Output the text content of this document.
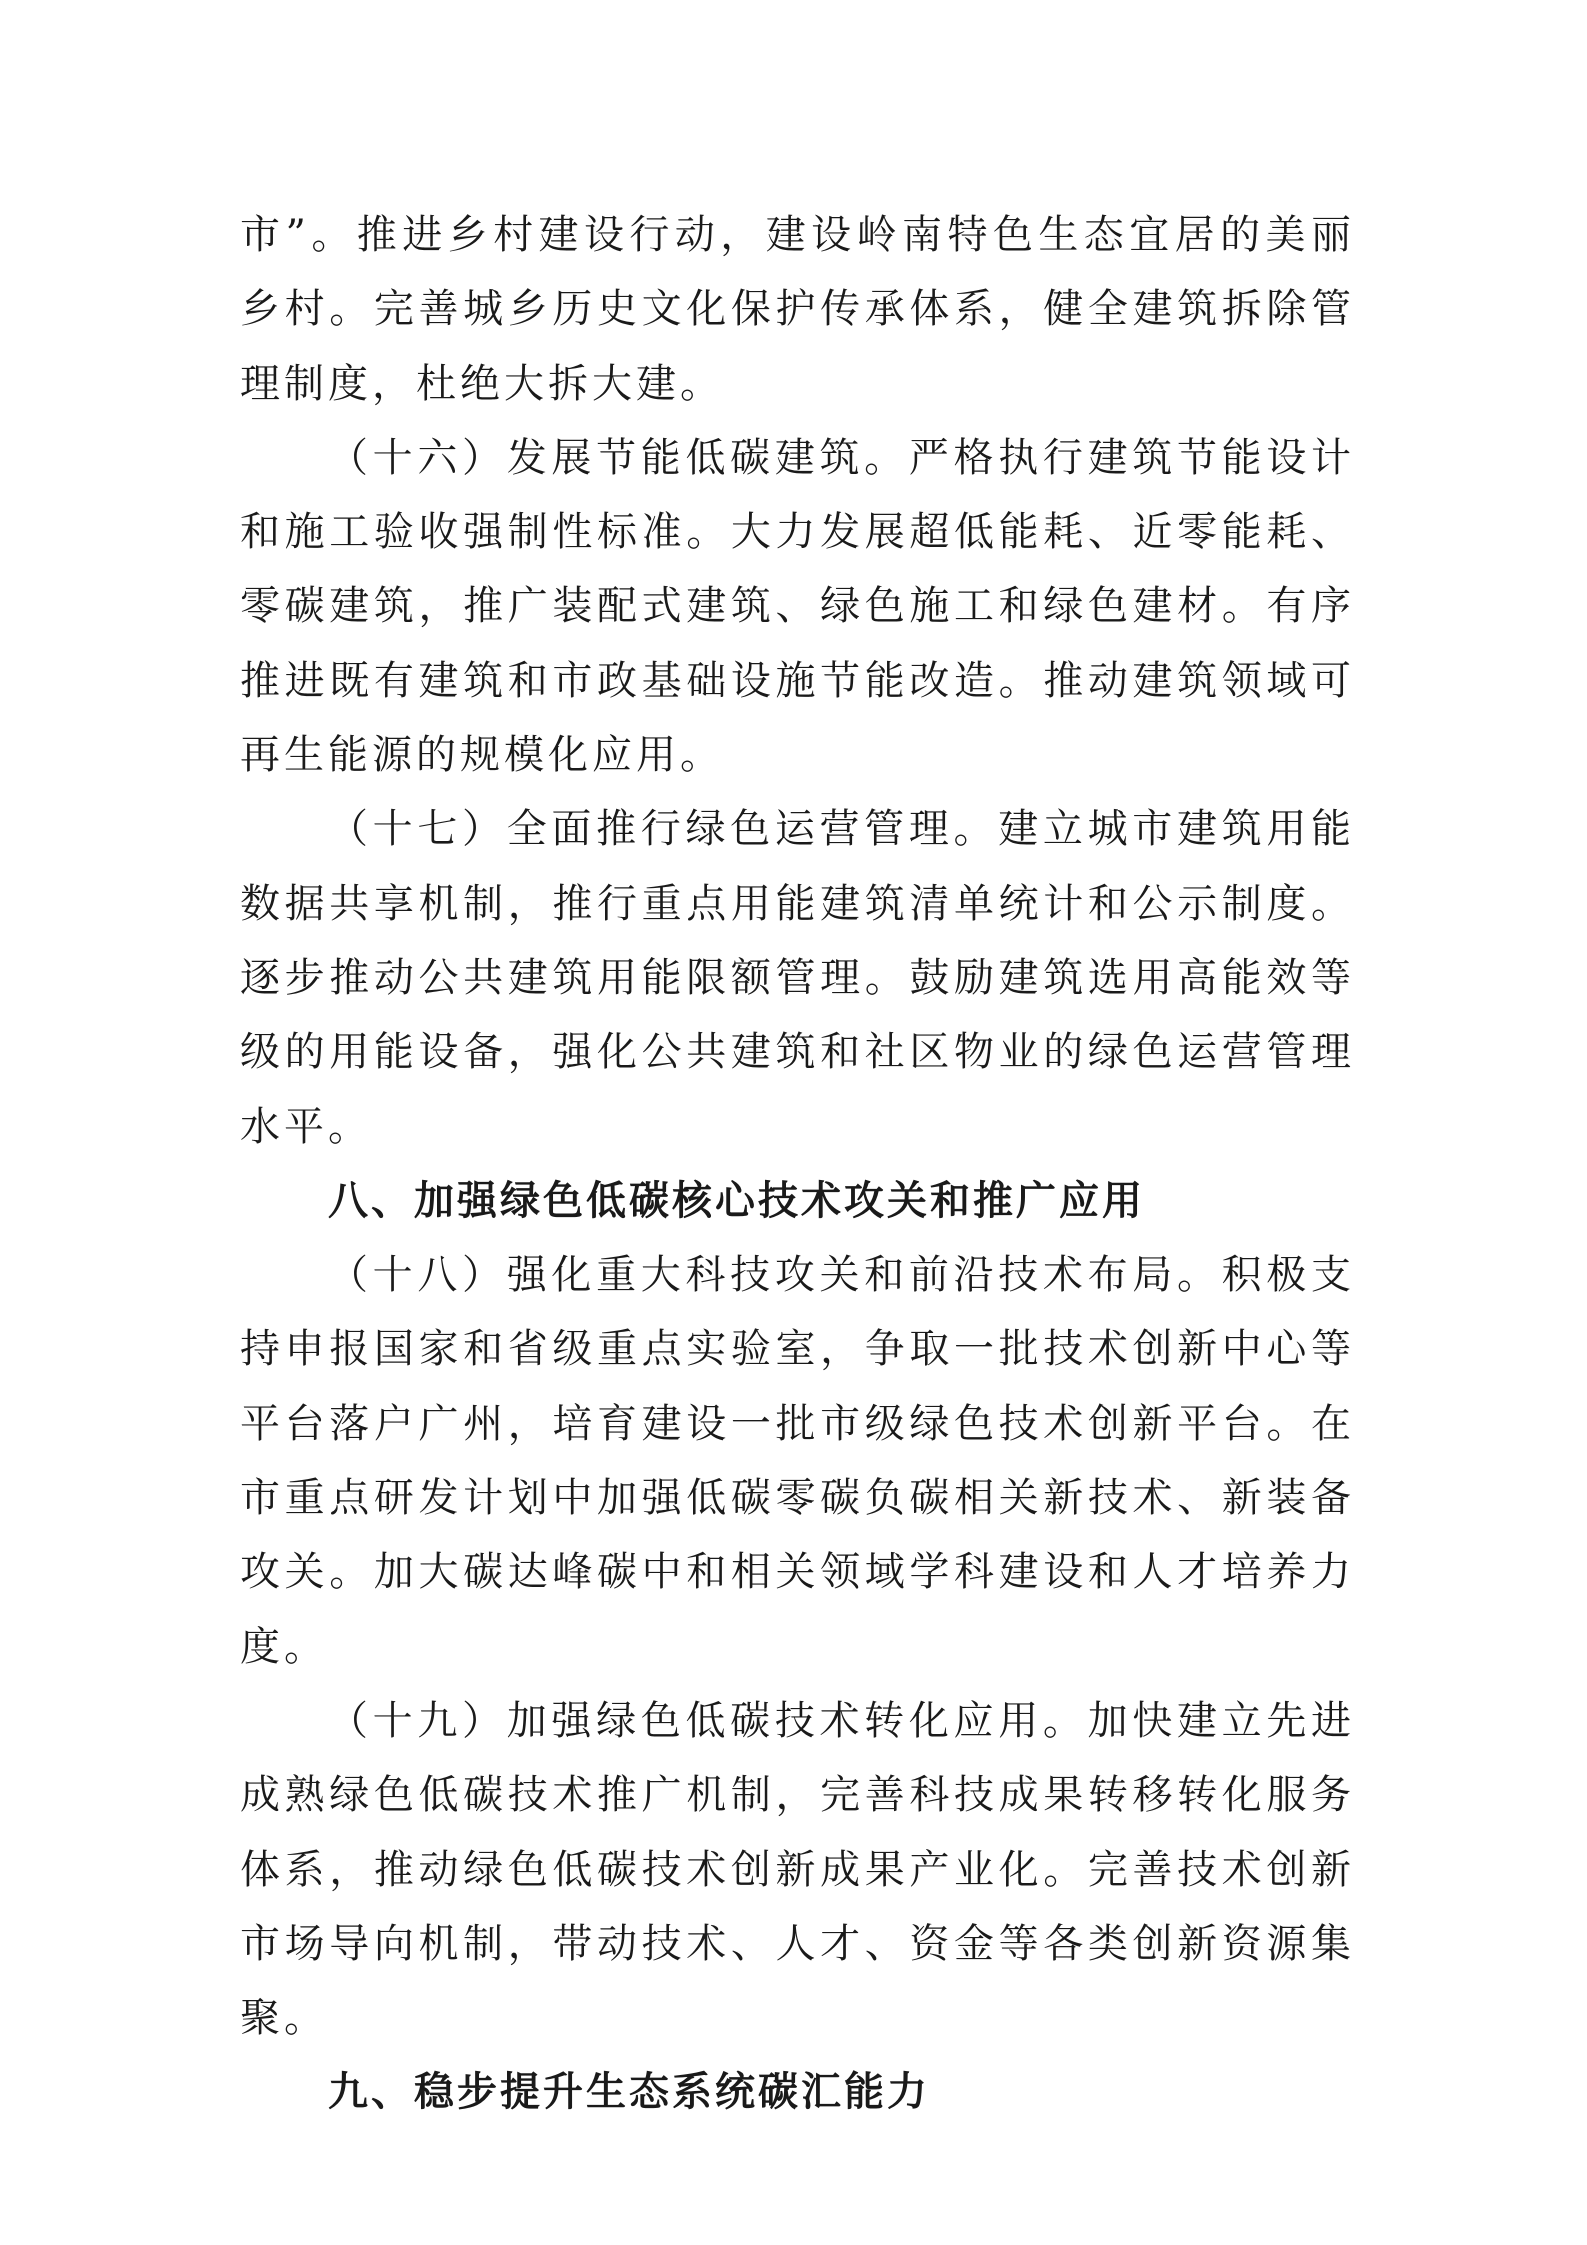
市”。推进乡村建设行动，建设岭南特色生态宜居的美丽乡村。完善城乡历史文化保护传承体系，健全建筑拆除管理制度，杜绝大拆大建。

（十六）发展节能低碳建筑。严格执行建筑节能设计和施工验收强制性标准。大力发展超低能耗、近零能耗、零碳建筑，推广装配式建筑、绿色施工和绿色建材。有序推进既有建筑和市政基础设施节能改造。推动建筑领域可再生能源的规模化应用。

（十七）全面推行绿色运营管理。建立城市建筑用能数据共享机制，推行重点用能建筑清单统计和公示制度。逐步推动公共建筑用能限额管理。鼓励建筑选用高能效等级的用能设备，强化公共建筑和社区物业的绿色运营管理水平。

八、加强绿色低碳核心技术攻关和推广应用

（十八）强化重大科技攻关和前沿技术布局。积极支持申报国家和省级重点实验室，争取一批技术创新中心等平台落户广州，培育建设一批市级绿色技术创新平台。在市重点研发计划中加强低碳零碳负碳相关新技术、新装备攻关。加大碳达峰碳中和相关领域学科建设和人才培养力度。

（十九）加强绿色低碳技术转化应用。加快建立先进成熟绿色低碳技术推广机制，完善科技成果转移转化服务体系，推动绿色低碳技术创新成果产业化。完善技术创新市场导向机制，带动技术、人才、资金等各类创新资源集聚。

九、稳步提升生态系统碳汇能力
